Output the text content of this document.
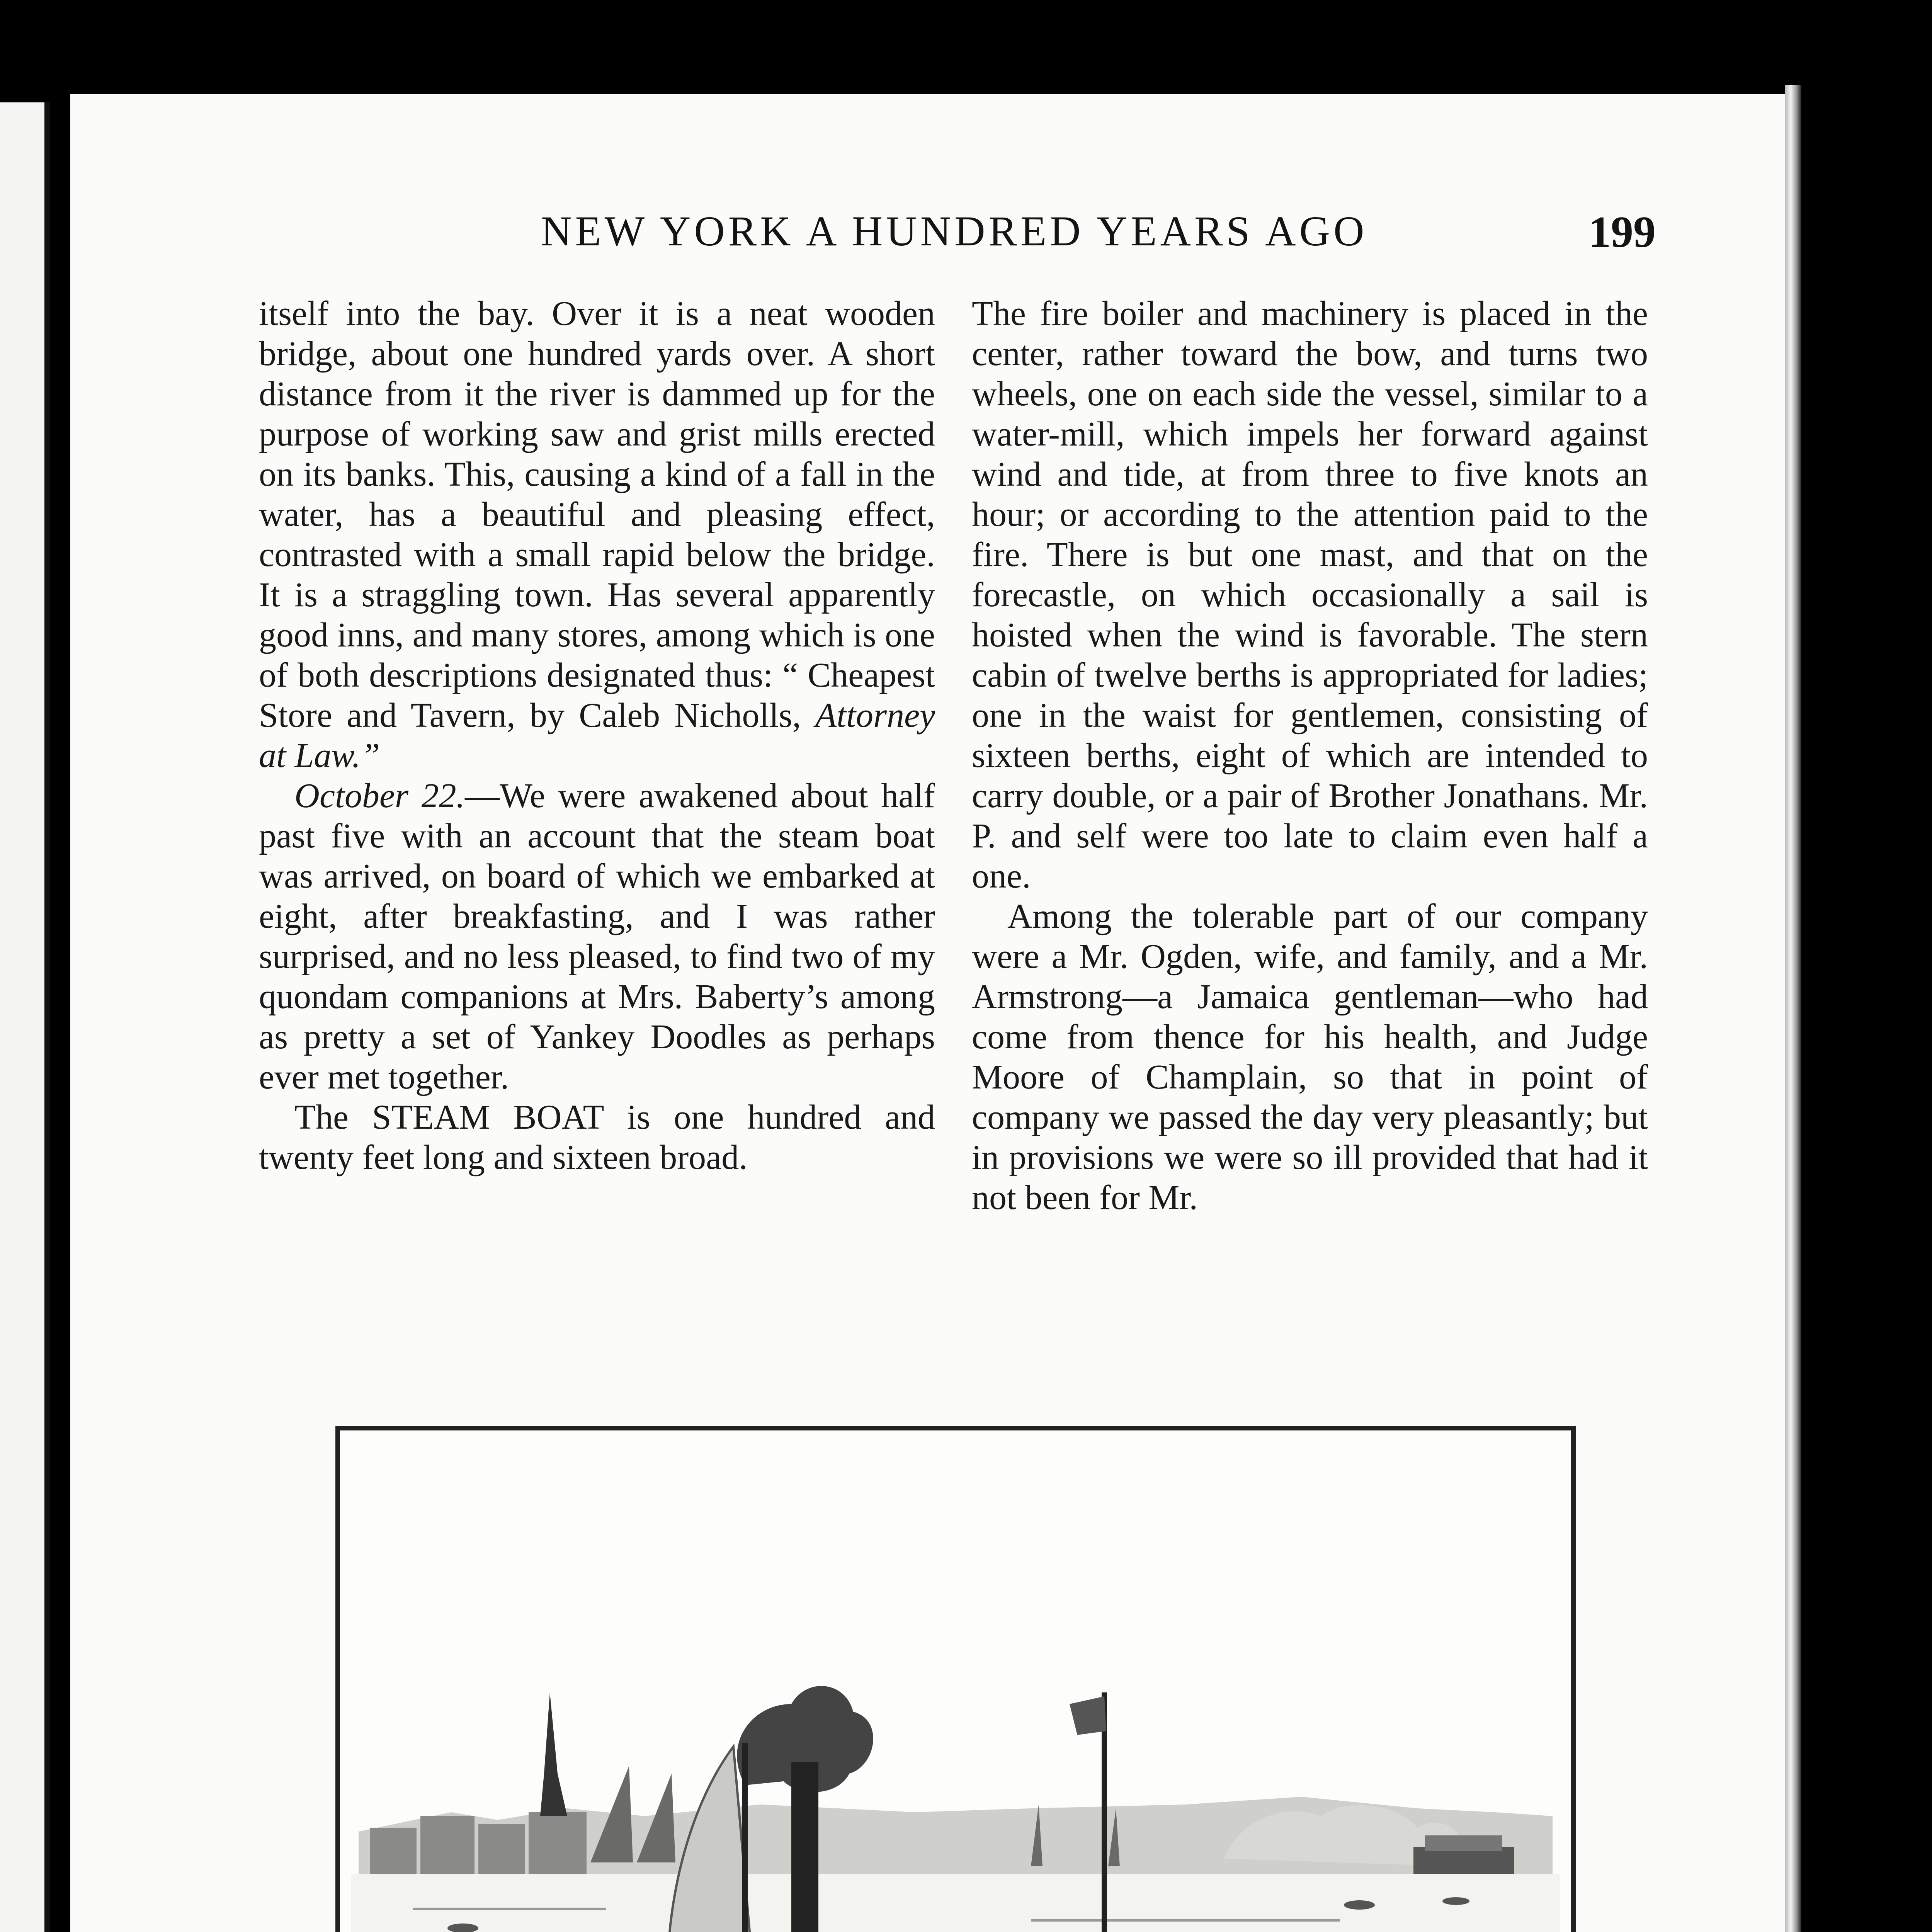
NEW YORK A HUNDRED YEARS AGO	199

itself into the bay. Over it is a neat wooden bridge, about one hundred yards over. A short distance from it the river is dammed up for the purpose of working saw and grist mills erected on its banks. This, causing a kind of a fall in the water, has a beautiful and pleasing effect, contrasted with a small rapid below the bridge. It is a straggling town. Has several apparently good inns, and many stores, among which is one of both descriptions designated thus: “ Cheapest Store and Tavern, by Caleb Nicholls, Attorney at Law.”

October 22.—We were awakened about half past five with an account that the steam boat was arrived, on board of which we embarked at eight, after breakfasting, and I was rather surprised, and no less pleased, to find two of my quondam companions at Mrs. Baberty’s among as pretty a set of Yankey Doodles as perhaps ever met together.

The STEAM BOAT is one hundred and twenty feet long and sixteen broad.

The fire boiler and machinery is placed in the center, rather toward the bow, and turns two wheels, one on each side the vessel, similar to a water-mill, which impels her forward against wind and tide, at from three to five knots an hour; or according to the attention paid to the fire. There is but one mast, and that on the forecastle, on which occasionally a sail is hoisted when the wind is favorable. The stern cabin of twelve berths is appropriated for ladies; one in the waist for gentlemen, consisting of sixteen berths, eight of which are intended to carry double, or a pair of Brother Jonathans. Mr. P. and self were too late to claim even half a one.

Among the tolerable part of our company were a Mr. Ogden, wife, and family, and a Mr. Armstrong—a Jamaica gentleman—who had come from thence for his health, and Judge Moore of Champlain, so that in point of company we passed the day very pleasantly; but in provisions we were so ill provided that had it not been for Mr.
